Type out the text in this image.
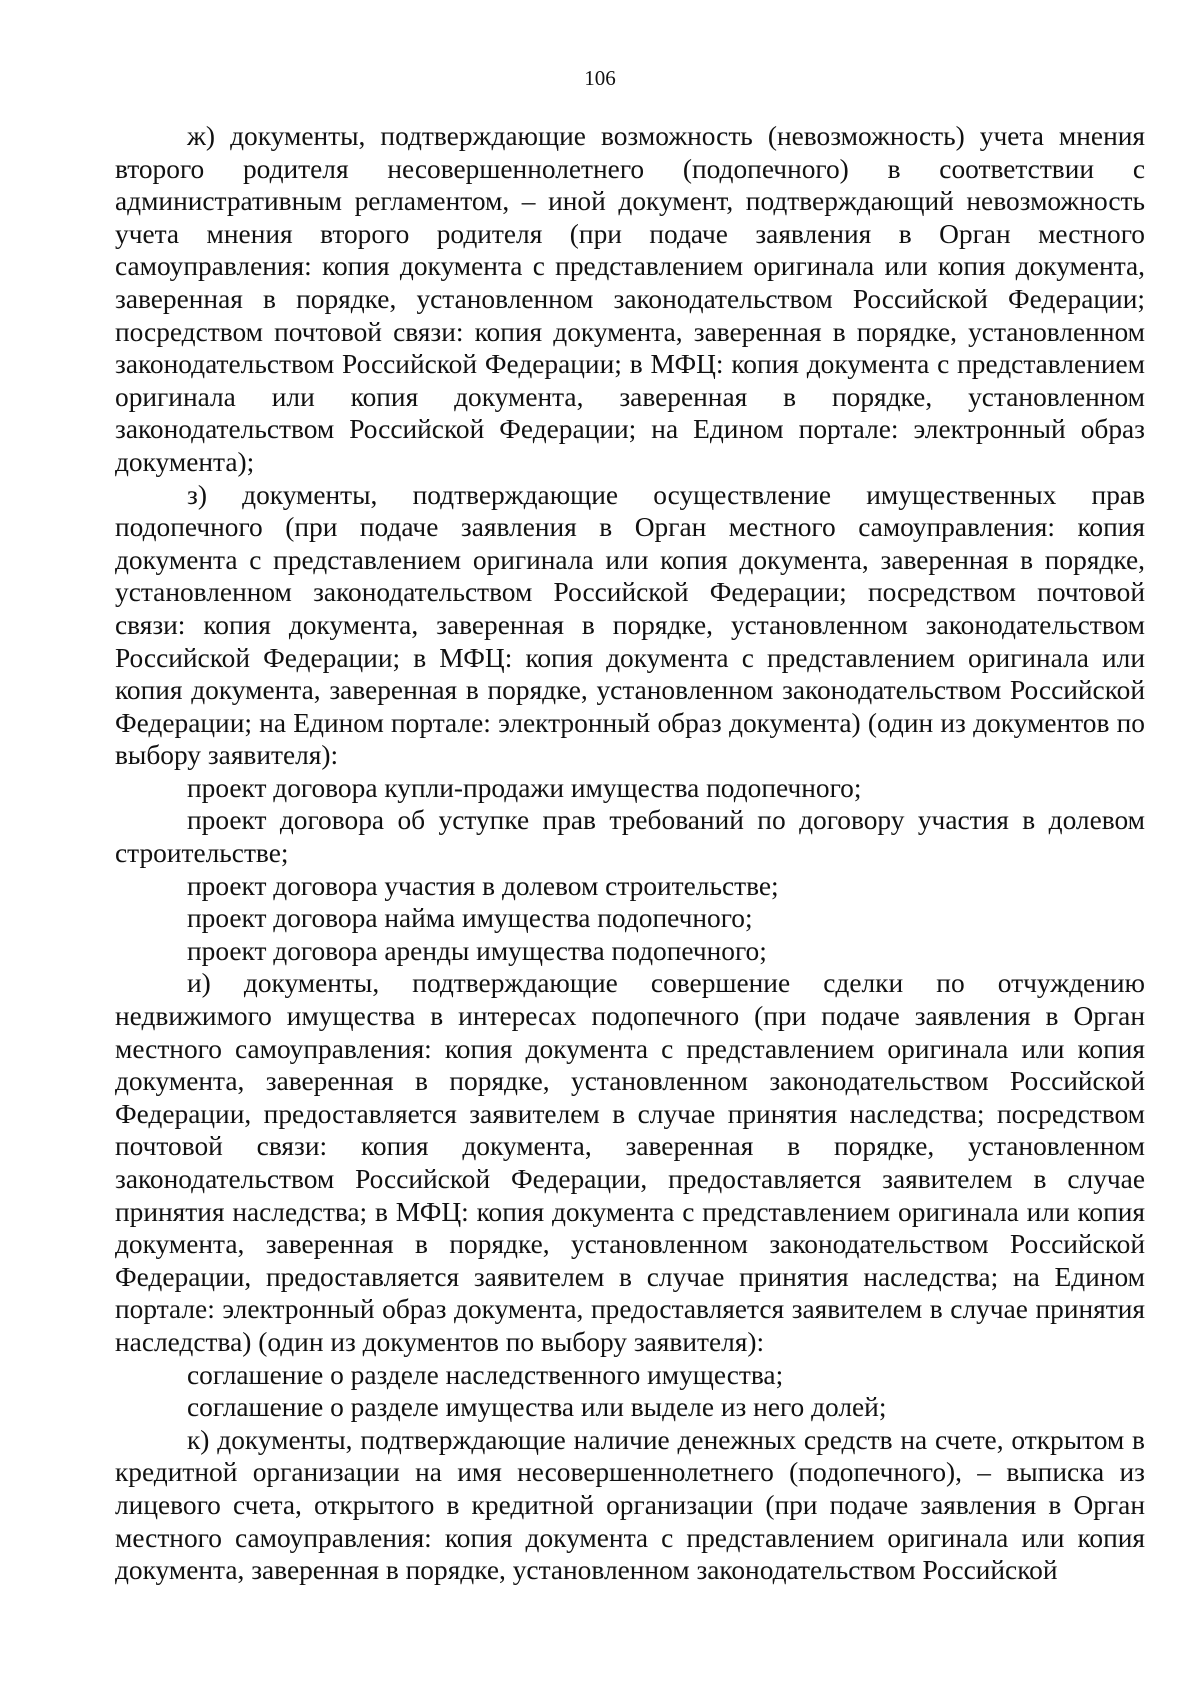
106

ж) документы, подтверждающие возможность (невозможность) учета мнения второго родителя несовершеннолетнего (подопечного) в соответствии с административным регламентом, – иной документ, подтверждающий невозможность учета мнения второго родителя (при подаче заявления в Орган местного самоуправления: копия документа с представлением оригинала или копия документа, заверенная в порядке, установленном законодательством Российской Федерации; посредством почтовой связи: копия документа, заверенная в порядке, установленном законодательством Российской Федерации; в МФЦ: копия документа с представлением оригинала или копия документа, заверенная в порядке, установленном законодательством Российской Федерации; на Едином портале: электронный образ документа);

з) документы, подтверждающие осуществление имущественных прав подопечного (при подаче заявления в Орган местного самоуправления: копия документа с представлением оригинала или копия документа, заверенная в порядке, установленном законодательством Российской Федерации; посредством почтовой связи: копия документа, заверенная в порядке, установленном законодательством Российской Федерации; в МФЦ: копия документа с представлением оригинала или копия документа, заверенная в порядке, установленном законодательством Российской Федерации; на Едином портале: электронный образ документа) (один из документов по выбору заявителя):

проект договора купли-продажи имущества подопечного;

проект договора об уступке прав требований по договору участия в долевом строительстве;

проект договора участия в долевом строительстве;

проект договора найма имущества подопечного;

проект договора аренды имущества подопечного;

и) документы, подтверждающие совершение сделки по отчуждению недвижимого имущества в интересах подопечного (при подаче заявления в Орган местного самоуправления: копия документа с представлением оригинала или копия документа, заверенная в порядке, установленном законодательством Российской Федерации, предоставляется заявителем в случае принятия наследства; посредством почтовой связи: копия документа, заверенная в порядке, установленном законодательством Российской Федерации, предоставляется заявителем в случае принятия наследства; в МФЦ: копия документа с представлением оригинала или копия документа, заверенная в порядке, установленном законодательством Российской Федерации, предоставляется заявителем в случае принятия наследства; на Едином портале: электронный образ документа, предоставляется заявителем в случае принятия наследства) (один из документов по выбору заявителя):

соглашение о разделе наследственного имущества;

соглашение о разделе имущества или выделе из него долей;

к) документы, подтверждающие наличие денежных средств на счете, открытом в кредитной организации на имя несовершеннолетнего (подопечного), – выписка из лицевого счета, открытого в кредитной организации (при подаче заявления в Орган местного самоуправления: копия документа с представлением оригинала или копия документа, заверенная в порядке, установленном законодательством Российской
